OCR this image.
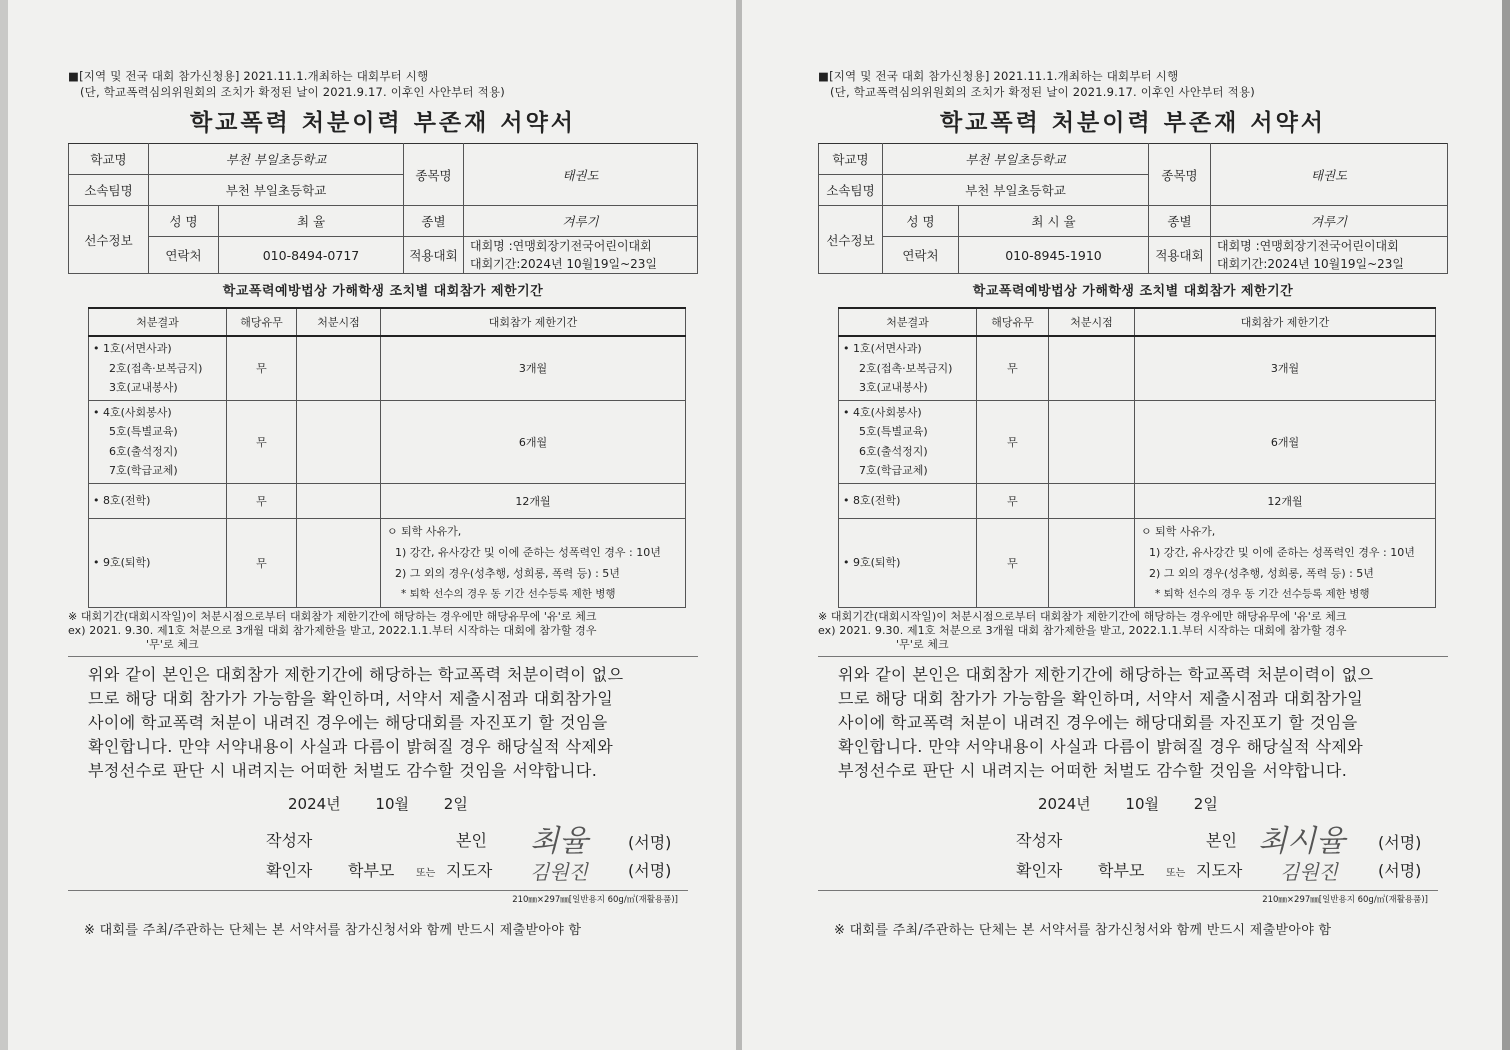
■[지역 및 전국 대회 참가신청용] 2021.11.1.개최하는 대회부터 시행
(단, 학교폭력심의위원회의 조치가 확정된 날이 2021.9.17. 이후인 사안부터 적용)
학교폭력 처분이력 부존재 서약서
학교명	부천 부일초등학교		종목명	태권도
소속팀명	부천 부일초등학교			
선수정보	성 명	최 율	종별	겨루기
	연락처	010-8494-0717	적용대회	대회명 :연맹회장기전국어린이대회
대회기간:2024년 10월19일~23일
학교폭력예방법상 가해학생 조치별 대회참가 제한기간
처분결과	해당유무	처분시점	대회참가 제한기간

• 1호(서면사과)
2호(접촉·보복금지)
3호(교내봉사)	무		3개월

• 4호(사회봉사)
5호(특별교육)
6호(출석정지)
7호(학급교체)	무		6개월
• 8호(전학)	무		12개월
• 9호(퇴학)	무		ㅇ 퇴학 사유가,
1) 강간, 유사강간 및 이에 준하는 성폭력인 경우 : 10년
2) 그 외의 경우(성추행, 성희롱, 폭력 등) : 5년
* 퇴학 선수의 경우 동 기간 선수등록 제한 병행
※ 대회기간(대회시작일)이 처분시점으로부터 대회참가 제한기간에 해당하는 경우에만 해당유무에 '유'로 체크
ex) 2021. 9.30. 제1호 처분으로 3개월 대회 참가제한을 받고, 2022.1.1.부터 시작하는 대회에 참가할 경우
'무'로 체크
위와 같이 본인은 대회참가 제한기간에 해당하는 학교폭력 처분이력이 없으
므로 해당 대회 참가가 가능함을 확인하며, 서약서 제출시점과 대회참가일
사이에 학교폭력 처분이 내려진 경우에는 해당대회를 자진포기 할 것임을
확인합니다. 만약 서약내용이 사실과 다름이 밝혀질 경우 해당실적 삭제와
부정선수로 판단 시 내려지는 어떠한 처벌도 감수할 것임을 서약합니다.
2024년 10월 2일
작성자	본인 최율	(서명)
확인자 학부모 또는 지도자 김원진	(서명)
210㎜×297㎜[일반용지 60g/㎡(재활용품)]
※ 대회를 주최/주관하는 단체는 본 서약서를 참가신청서와 함께 반드시 제출받아야 함
■[지역 및 전국 대회 참가신청용] 2021.11.1.개최하는 대회부터 시행
(단, 학교폭력심의위원회의 조치가 확정된 날이 2021.9.17. 이후인 사안부터 적용)
학교폭력 처분이력 부존재 서약서
학교명	부천 부일초등학교		종목명	태권도
소속팀명	부천 부일초등학교			
선수정보	성 명	최 시 율	종별	겨루기
	연락처	010-8945-1910	적용대회	대회명 :연맹회장기전국어린이대회
대회기간:2024년 10월19일~23일
학교폭력예방법상 가해학생 조치별 대회참가 제한기간
처분결과	해당유무	처분시점	대회참가 제한기간

• 1호(서면사과)
2호(접촉·보복금지)
3호(교내봉사)	무		3개월

• 4호(사회봉사)
5호(특별교육)
6호(출석정지)
7호(학급교체)	무		6개월
• 8호(전학)	무		12개월
• 9호(퇴학)	무		ㅇ 퇴학 사유가,
1) 강간, 유사강간 및 이에 준하는 성폭력인 경우 : 10년
2) 그 외의 경우(성추행, 성희롱, 폭력 등) : 5년
* 퇴학 선수의 경우 동 기간 선수등록 제한 병행
※ 대회기간(대회시작일)이 처분시점으로부터 대회참가 제한기간에 해당하는 경우에만 해당유무에 '유'로 체크
ex) 2021. 9.30. 제1호 처분으로 3개월 대회 참가제한을 받고, 2022.1.1.부터 시작하는 대회에 참가할 경우
'무'로 체크
위와 같이 본인은 대회참가 제한기간에 해당하는 학교폭력 처분이력이 없으
므로 해당 대회 참가가 가능함을 확인하며, 서약서 제출시점과 대회참가일
사이에 학교폭력 처분이 내려진 경우에는 해당대회를 자진포기 할 것임을
확인합니다. 만약 서약내용이 사실과 다름이 밝혀질 경우 해당실적 삭제와
부정선수로 판단 시 내려지는 어떠한 처벌도 감수할 것임을 서약합니다.
2024년 10월 2일
작성자	본인 최시율 (서명)
확인자 학부모 또는 지도자 김원진	(서명)
210㎜×297㎜[일반용지 60g/㎡(재활용품)]
※ 대회를 주최/주관하는 단체는 본 서약서를 참가신청서와 함께 반드시 제출받아야 함
